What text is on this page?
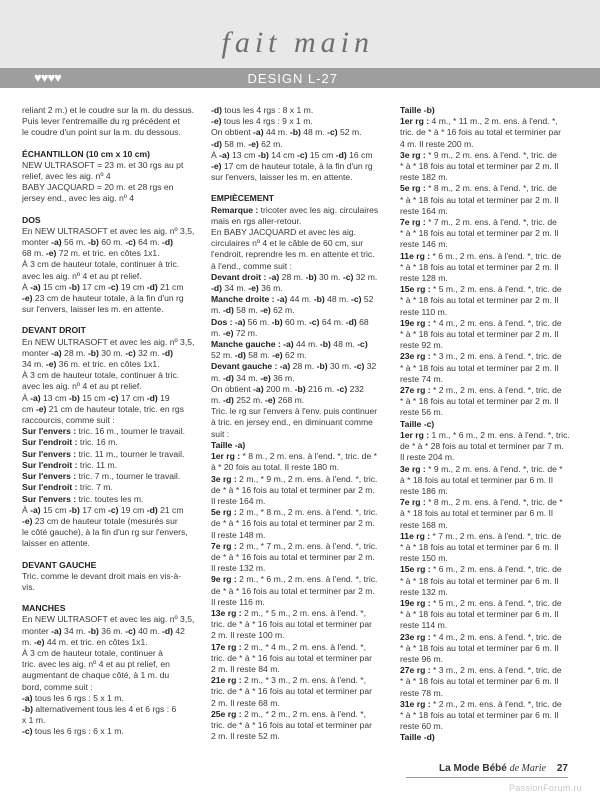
fait main
♥♥♥♥	DESIGN L-27

reliant 2 m.) et le coudre sur la m. du dessus.

Puis lever l'entremaille du rg précédent et

le coudre d'un point sur la m. du dessous.

ÉCHANTILLON (10 cm x 10 cm)

NEW ULTRASOFT = 23 m. et 30 rgs au pt

relief, avec les aig. nº 4

BABY JACQUARD = 20 m. et 28 rgs en

jersey end., avec les aig. nº 4

DOS

En NEW ULTRASOFT et avec les aig. nº 3,5,

monter -a) 56 m. -b) 60 m. -c) 64 m. -d)

68 m. -e) 72 m. et tric. en côtes 1x1.

À 3 cm de hauteur totale, continuer à tric.

avec les aig. nº 4 et au pt relief.

À -a) 15 cm -b) 17 cm -c) 19 cm -d) 21 cm

-e) 23 cm de hauteur totale, à la fin d'un rg

sur l'envers, laisser les m. en attente.

DEVANT DROIT

En NEW ULTRASOFT et avec les aig. nº 3,5,

monter -a) 28 m. -b) 30 m. -c) 32 m. -d)

34 m. -e) 36 m. et tric. en côtes 1x1.

À 3 cm de hauteur totale, continuer à tric.

avec les aig. nº 4 et au pt relief.

À -a) 13 cm -b) 15 cm -c) 17 cm -d) 19

cm -e) 21 cm de hauteur totale, tric. en rgs

raccourcis, comme suit :

Sur l'envers : tric. 16 m., tourner le travail.

Sur l'endroit : tric. 16 m.

Sur l'envers : tric. 11 m., tourner le travail.

Sur l'endroit : tric. 11 m.

Sur l'envers : tric. 7 m., tourner le travail.

Sur l'endroit : tric. 7 m.

Sur l'envers : tric. toutes les m.

À -a) 15 cm -b) 17 cm -c) 19 cm -d) 21 cm

-e) 23 cm de hauteur totale (mesurés sur

le côté gauche), à la fin d'un rg sur l'envers,

laisser en attente.

DEVANT GAUCHE

Tric. comme le devant droit mais en vis-à-

vis.

MANCHES

En NEW ULTRASOFT et avec les aig. nº 3,5,

monter -a) 34 m. -b) 36 m. -c) 40 m. -d) 42

m. -e) 44 m. et tric. en côtes 1x1.

À 3 cm de hauteur totale, continuer à

tric. avec les aig. nº 4 et au pt relief, en

augmentant de chaque côté, à 1 m. du

bord, comme suit :

-a) tous les 6 rgs : 5 x 1 m.

-b) alternativement tous les 4 et 6 rgs : 6

x 1 m.

-c) tous les 6 rgs : 6 x 1 m.

-d) tous les 4 rgs : 8 x 1 m.

-e) tous les 4 rgs : 9 x 1 m.

On obtient -a) 44 m. -b) 48 m. -c) 52 m.

-d) 58 m. -e) 62 m.

À -a) 13 cm -b) 14 cm -c) 15 cm -d) 16 cm

-e) 17 cm de hauteur totale, à la fin d'un rg

sur l'envers, laisser les m. en attente.

EMPIÈCEMENT

Remarque : tricoter avec les aig. circulaires

mais en rgs aller-retour.

En BABY JACQUARD et avec les aig.

circulaires nº 4 et le câble de 60 cm, sur

l'endroit, reprendre les m. en attente et tric.

à l'end., comme suit :

Devant droit : -a) 28 m. -b) 30 m. -c) 32 m.

-d) 34 m. -e) 36 m.

Manche droite : -a) 44 m. -b) 48 m. -c) 52

m. -d) 58 m. -e) 62 m.

Dos : -a) 56 m. -b) 60 m. -c) 64 m. -d) 68

m. -e) 72 m.

Manche gauche : -a) 44 m. -b) 48 m. -c)

52 m. -d) 58 m. -e) 62 m.

Devant gauche : -a) 28 m. -b) 30 m. -c) 32

m. -d) 34 m. -e) 36 m.

On obtient -a) 200 m. -b) 216 m. -c) 232

m. -d) 252 m. -e) 268 m.

Tric. le rg sur l'envers à l'env. puis continuer

à tric. en jersey end., en diminuant comme

suit :

Taille -a)

1er rg : * 8 m., 2 m. ens. à l'end. *, tric. de *

à * 20 fois au total. Il reste 180 m.

3e rg : 2 m., * 9 m., 2 m. ens. à l'end. *, tric.

de * à * 16 fois au total et terminer par 2 m.

Il reste 164 m.

5e rg : 2 m., * 8 m., 2 m. ens. à l'end. *, tric.

de * à * 16 fois au total et terminer par 2 m.

Il reste 148 m.

7e rg : 2 m., * 7 m., 2 m. ens. à l'end. *, tric.

de * à * 16 fois au total et terminer par 2 m.

Il reste 132 m.

9e rg : 2 m., * 6 m., 2 m. ens. à l'end. *, tric.

de * à * 16 fois au total et terminer par 2 m.

Il reste 116 m.

13e rg : 2 m., * 5 m., 2 m. ens. à l'end. *,

tric. de * à * 16 fois au total et terminer par

2 m. Il reste 100 m.

17e rg : 2 m., * 4 m., 2 m. ens. à l'end. *,

tric. de * à * 16 fois au total et terminer par

2 m. Il reste 84 m.

21e rg : 2 m., * 3 m., 2 m. ens. à l'end. *,

tric. de * à * 16 fois au total et terminer par

2 m. Il reste 68 m.

25e rg : 2 m., * 2 m., 2 m. ens. à l'end. *,

tric. de * à * 16 fois au total et terminer par

2 m. Il reste 52 m.

Taille -b)

1er rg : 4 m., * 11 m., 2 m. ens. à l'end. *,

tric. de * à * 16 fois au total et terminer par

4 m. Il reste 200 m.

3e rg : * 9 m., 2 m. ens. à l'end. *, tric. de

* à * 18 fois au total et terminer par 2 m. Il

reste 182 m.

5e rg : * 8 m., 2 m. ens. à l'end. *, tric. de

* à * 18 fois au total et terminer par 2 m. Il

reste 164 m.

7e rg : * 7 m., 2 m. ens. à l'end. *, tric. de

* à * 18 fois au total et terminer par 2 m. Il

reste 146 m.

11e rg : * 6 m., 2 m. ens. à l'end. *, tric. de

* à * 18 fois au total et terminer par 2 m. Il

reste 128 m.

15e rg : * 5 m., 2 m. ens. à l'end. *, tric. de

* à * 18 fois au total et terminer par 2 m. Il

reste 110 m.

19e rg : * 4 m., 2 m. ens. à l'end. *, tric. de

* à * 18 fois au total et terminer par 2 m. Il

reste 92 m.

23e rg : * 3 m., 2 m. ens. à l'end. *, tric. de

* à * 18 fois au total et terminer par 2 m. Il

reste 74 m.

27e rg : * 2 m., 2 m. ens. à l'end. *, tric. de

* à * 18 fois au total et terminer par 2 m. Il

reste 56 m.

Taille -c)

1er rg : 1 m., * 6 m., 2 m. ens. à l'end. *, tric.

de * à * 28 fois au total et terminer par 7 m.

Il reste 204 m.

3e rg : * 9 m., 2 m. ens. à l'end. *, tric. de *

à * 18 fois au total et terminer par 6 m. Il

reste 186 m.

7e rg : * 8 m., 2 m. ens. à l'end. *, tric. de *

à * 18 fois au total et terminer par 6 m. Il

reste 168 m.

11e rg : * 7 m., 2 m. ens. à l'end. *, tric. de

* à * 18 fois au total et terminer par 6 m. Il

reste 150 m.

15e rg : * 6 m., 2 m. ens. à l'end. *, tric. de

* à * 18 fois au total et terminer par 6 m. Il

reste 132 m.

19e rg : * 5 m., 2 m. ens. à l'end. *, tric. de

* à * 18 fois au total et terminer par 6 m. Il

reste 114 m.

23e rg : * 4 m., 2 m. ens. à l'end. *, tric. de

* à * 18 fois au total et terminer par 6 m. Il

reste 96 m.

27e rg : * 3 m., 2 m. ens. à l'end. *, tric. de

* à * 18 fois au total et terminer par 6 m. Il

reste 78 m.

31e rg : * 2 m., 2 m. ens. à l'end. *, tric. de

* à * 18 fois au total et terminer par 6 m. Il

reste 60 m.

Taille -d)

La Mode Bébé de Marie 27
PassionForum.ru
